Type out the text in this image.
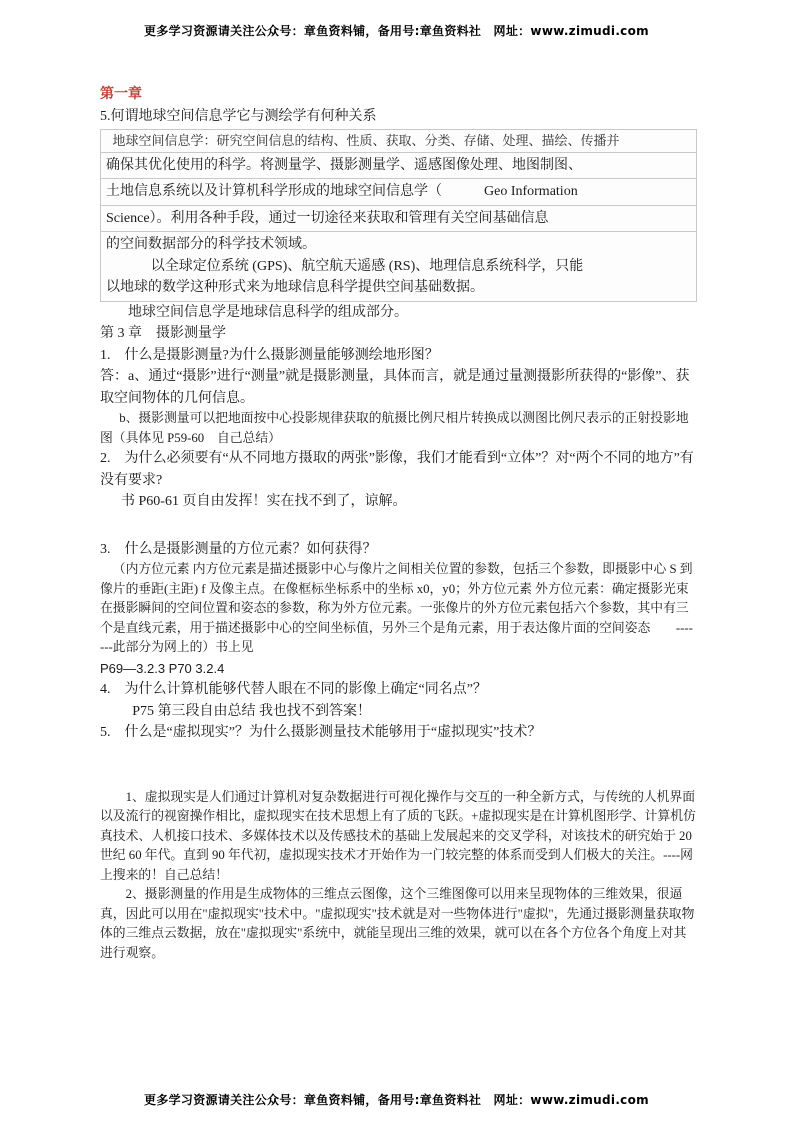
更多学习资源请关注公众号：章鱼资料铺，备用号:章鱼资料社　网址：www.zimudi.com
第一章

5.何谓地球空间信息学它与测绘学有何种关系

地球空间信息学：研究空间信息的结构、性质、获取、分类、存储、处理、描绘、传播并
确保其优化使用的科学。将测量学、摄影测量学、遥感图像处理、地图制图、
土地信息系统以及计算机科学形成的地球空间信息学（　　　Geo Information
Science）。利用各种手段，通过一切途径来获取和管理有关空间基础信息

的空间数据部分的科学技术领域。

以全球定位系统 (GPS)、航空航天遥感 (RS)、地理信息系统科学，只能

以地球的数学这种形式来为地球信息科学提供空间基础数据。

地球空间信息学是地球信息科学的组成部分。

第 3 章　摄影测量学

1.　什么是摄影测量?为什么摄影测量能够测绘地形图？

答：a、通过“摄影”进行“测量”就是摄影测量，具体而言，就是通过量测摄影所获得的“影像”、获取空间物体的几何信息。

b、摄影测量可以把地面按中心投影规律获取的航摄比例尺相片转换成以测图比例尺表示的正射投影地图（具体见 P59-60　自己总结）

2.　为什么必须要有“从不同地方摄取的两张”影像，我们才能看到“立体”？对“两个不同的地方”有没有要求?

书 P60-61 页自由发挥！实在找不到了，谅解。

3.　什么是摄影测量的方位元素？如何获得？

（内方位元素 内方位元素是描述摄影中心与像片之间相关位置的参数，包括三个参数，即摄影中心 S 到像片的垂距(主距) f 及像主点。在像框标坐标系中的坐标 x0，y0；外方位元素 外方位元素：确定摄影光束在摄影瞬间的空间位置和姿态的参数，称为外方位元素。一张像片的外方位元素包括六个参数，其中有三个是直线元素，用于描述摄影中心的空间坐标值，另外三个是角元素，用于表达像片面的空间姿态　　-------此部分为网上的）书上见

P69—3.2.3 P70 3.2.4

4.　为什么计算机能够代替人眼在不同的影像上确定“同名点”？

P75 第三段自由总结 我也找不到答案！

5.　什么是“虚拟现实”？为什么摄影测量技术能够用于“虚拟现实”技术？

1、虚拟现实是人们通过计算机对复杂数据进行可视化操作与交互的一种全新方式，与传统的人机界面以及流行的视窗操作相比，虚拟现实在技术思想上有了质的飞跃。+虚拟现实是在计算机图形学、计算机仿真技术、人机接口技术、多媒体技术以及传感技术的基础上发展起来的交叉学科，对该技术的研究始于 20 世纪 60 年代。直到 90 年代初，虚拟现实技术才开始作为一门较完整的体系而受到人们极大的关注。----网上搜来的！自己总结！

2、摄影测量的作用是生成物体的三维点云图像，这个三维图像可以用来呈现物体的三维效果，很逼真，因此可以用在"虚拟现实"技术中。"虚拟现实"技术就是对一些物体进行"虚拟"，先通过摄影测量获取物体的三维点云数据，放在"虚拟现实"系统中，就能呈现出三维的效果，就可以在各个方位各个角度上对其进行观察。

更多学习资源请关注公众号：章鱼资料铺，备用号:章鱼资料社　网址：www.zimudi.com
